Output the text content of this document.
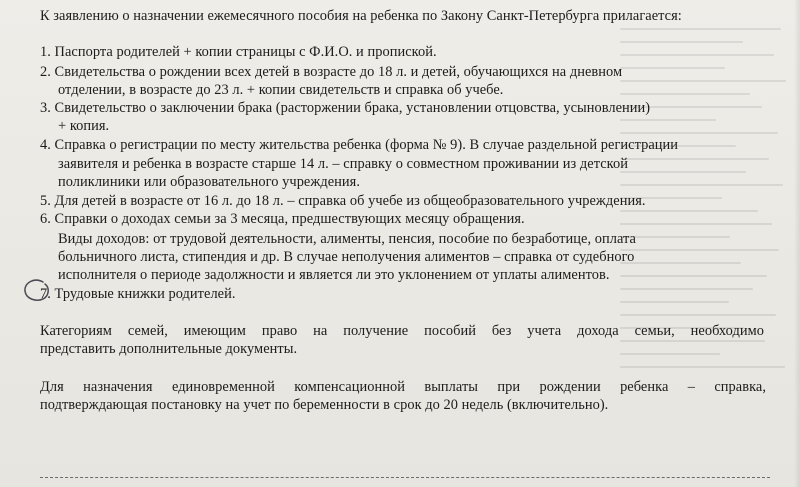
К заявлению о назначении ежемесячного пособия на ребенка по Закону Санкт-Петербурга прилагается:
1. Паспорта родителей + копии страницы с Ф.И.О. и пропиской.
2. Свидетельства о рождении всех детей в возрасте до 18 л. и детей, обучающихся на дневном
отделении, в возрасте до 23 л. + копии свидетельств и справка об учебе.
3. Свидетельство о заключении брака (расторжении брака, установлении отцовства, усыновлении)
+ копия.
4. Справка о регистрации по месту жительства ребенка (форма № 9). В случае раздельной регистрации
заявителя и ребенка в возрасте старше 14 л. – справку о совместном проживании из детской
поликлиники или образовательного учреждения.
5. Для детей в возрасте от 16 л. до 18 л. – справка об учебе из общеобразовательного учреждения.
6. Справки о доходах семьи за 3 месяца, предшествующих месяцу обращения.
Виды доходов: от трудовой деятельности, алименты, пенсия, пособие по безработице, оплата
больничного листа, стипендия и др. В случае неполучения алиментов – справка от судебного
исполнителя о периоде задолжности и является ли это уклонением от уплаты алиментов.
7. Трудовые книжки родителей.
Категориям семей, имеющим право на получение пособий без учета дохода семьи, необходимо
представить дополнительные документы.
Для назначения единовременной компенсационной выплаты при рождении ребенка – справка,
подтверждающая постановку на учет по беременности в срок до 20 недель (включительно).
